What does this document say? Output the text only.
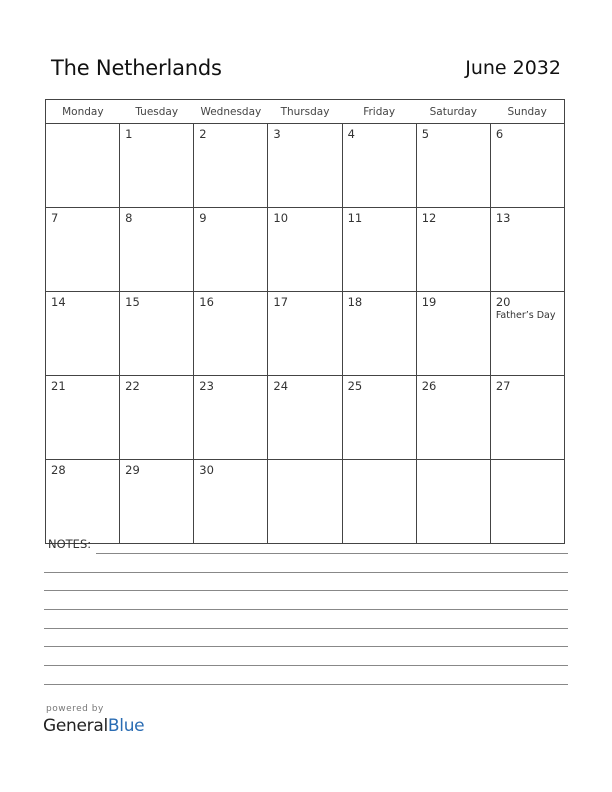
The Netherlands	June 2032
Monday	Tuesday	Wednesday	Thursday	Friday	Saturday	Sunday

	1	2	3	4	5	6

7	8	9	10	11	12	13

14	15	16	17	18	19	20
Father’s Day

21	22	23	24	25	26	27

28	29	30				

NOTES:
powered by
GeneralBlue
